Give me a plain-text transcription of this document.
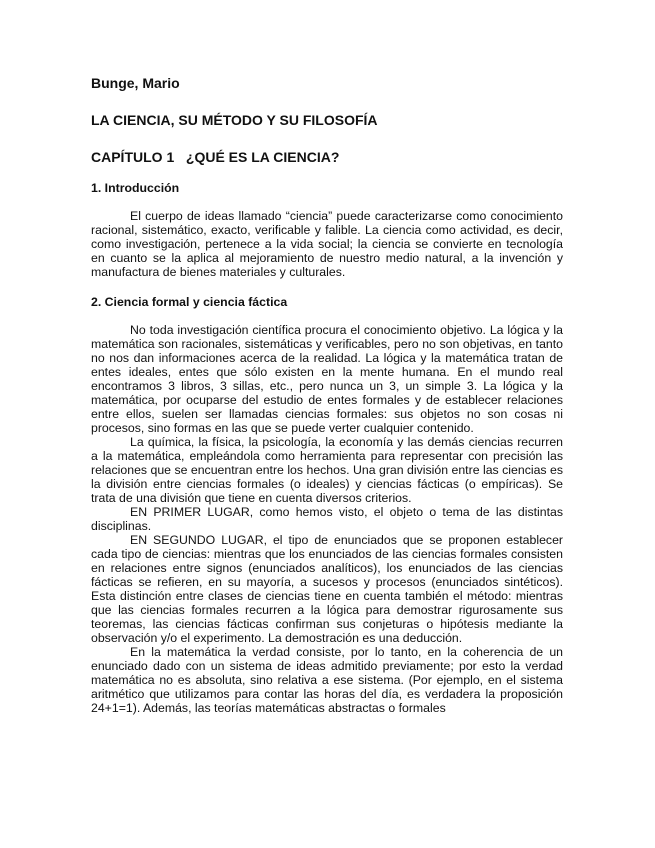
Bunge, Mario
LA CIENCIA, SU MÉTODO Y SU FILOSOFÍA
CAPÍTULO 1   ¿QUÉ ES LA CIENCIA?
1. Introducción

El cuerpo de ideas llamado “ciencia” puede caracterizarse como conocimiento racional, sistemático, exacto, verificable y falible. La ciencia como actividad, es decir, como investigación, pertenece a la vida social; la ciencia se convierte en tecnología en cuanto se la aplica al mejoramiento de nuestro medio natural, a la invención y manufactura de bienes materiales y culturales.

2. Ciencia formal y ciencia fáctica

No toda investigación científica procura el conocimiento objetivo. La lógica y la matemática son racionales, sistemáticas y verificables, pero no son objetivas, en tanto no nos dan informaciones acerca de la realidad. La lógica y la matemática tratan de entes ideales, entes que sólo existen en la mente humana. En el mundo real encontramos 3 libros, 3 sillas, etc., pero nunca un 3, un simple 3. La lógica y la matemática, por ocuparse del estudio de entes formales y de establecer relaciones entre ellos, suelen ser llamadas ciencias formales: sus objetos no son cosas ni procesos, sino formas en las que se puede verter cualquier contenido.

La química, la física, la psicología, la economía y las demás ciencias recurren a la matemática, empleándola como herramienta para representar con precisión las relaciones que se encuentran entre los hechos. Una gran división entre las ciencias es la división entre ciencias formales (o ideales) y ciencias fácticas (o empíricas). Se trata de una división que tiene en cuenta diversos criterios.

EN PRIMER LUGAR, como hemos visto, el objeto o tema de las distintas disciplinas.

EN SEGUNDO LUGAR, el tipo de enunciados que se proponen establecer cada tipo de ciencias: mientras que los enunciados de las ciencias formales consisten en relaciones entre signos (enunciados analíticos), los enunciados de las ciencias fácticas se refieren, en su mayoría, a sucesos y procesos (enunciados sintéticos). Esta distinción entre clases de ciencias tiene en cuenta también el método: mientras que las ciencias formales recurren a la lógica para demostrar rigurosamente sus teoremas, las ciencias fácticas confirman sus conjeturas o hipótesis mediante la observación y/o el experimento. La demostración es una deducción.

En la matemática la verdad consiste, por lo tanto, en la coherencia de un enunciado dado con un sistema de ideas admitido previamente; por esto la verdad matemática no es absoluta, sino relativa a ese sistema. (Por ejemplo, en el sistema aritmético que utilizamos para contar las horas del día, es verdadera la proposición 24+1=1). Además, las teorías matemáticas abstractas o formales
